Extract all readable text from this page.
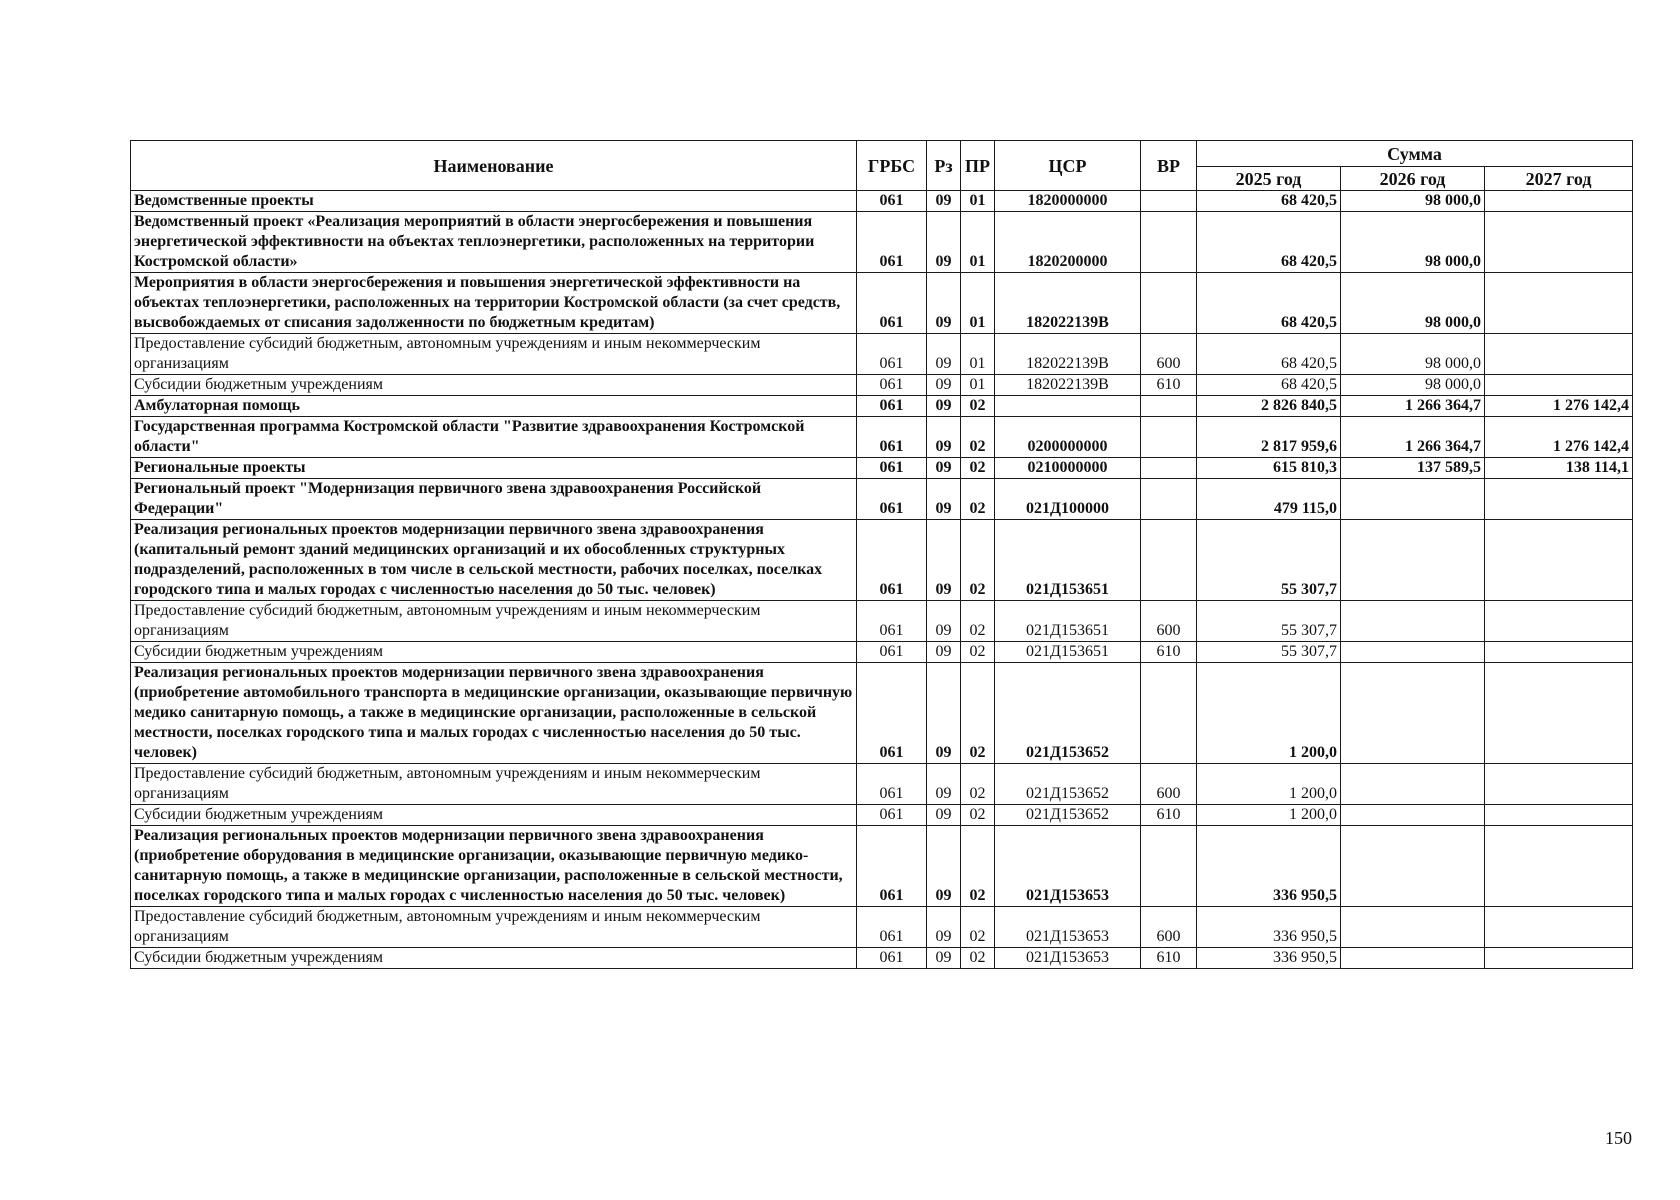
Наименование	ГРБС	Рз	ПР	ЦСР	ВР	Сумма		
						2025 год	2026 год	2027 год
Ведомственные проекты	061	09	01	1820000000		68 420,5	98 000,0	
Ведомственный проект «Реализация мероприятий в области энергосбережения и повышения энергетической эффективности на объектах теплоэнергетики, расположенных на территории Костромской области»	061	09	01	1820200000		68 420,5	98 000,0	
Мероприятия в области энергосбережения и повышения энергетической эффективности на объектах теплоэнергетики, расположенных на территории Костромской области (за счет средств, высвобождаемых от списания задолженности по бюджетным кредитам)	061	09	01	182022139В		68 420,5	98 000,0	
Предоставление субсидий бюджетным, автономным учреждениям и иным некоммерческим организациям	061	09	01	182022139В	600	68 420,5	98 000,0	
Субсидии бюджетным учреждениям	061	09	01	182022139В	610	68 420,5	98 000,0	
Амбулаторная помощь	061	09	02			2 826 840,5	1 266 364,7	1 276 142,4
Государственная программа Костромской области "Развитие здравоохранения Костромской области"	061	09	02	0200000000		2 817 959,6	1 266 364,7	1 276 142,4
Региональные проекты	061	09	02	0210000000		615 810,3	137 589,5	138 114,1
Региональный проект "Модернизация первичного звена здравоохранения Российской Федерации"	061	09	02	021Д100000		479 115,0		
Реализация региональных проектов модернизации первичного звена здравоохранения (капитальный ремонт зданий медицинских организаций и их обособленных структурных подразделений, расположенных в том числе в сельской местности, рабочих поселках, поселках городского типа и малых городах с численностью населения до 50 тыс. человек)	061	09	02	021Д153651		55 307,7		
Предоставление субсидий бюджетным, автономным учреждениям и иным некоммерческим организациям	061	09	02	021Д153651	600	55 307,7		
Субсидии бюджетным учреждениям	061	09	02	021Д153651	610	55 307,7		
Реализация региональных проектов модернизации первичного звена здравоохранения (приобретение автомобильного транспорта в медицинские организации, оказывающие первичную медико санитарную помощь, а также в медицинские организации, расположенные в сельской местности, поселках городского типа и малых городах с численностью населения до 50 тыс. человек)	061	09	02	021Д153652		1 200,0		
Предоставление субсидий бюджетным, автономным учреждениям и иным некоммерческим организациям	061	09	02	021Д153652	600	1 200,0		
Субсидии бюджетным учреждениям	061	09	02	021Д153652	610	1 200,0		
Реализация региональных проектов модернизации первичного звена здравоохранения (приобретение оборудования в медицинские организации, оказывающие первичную медико-санитарную помощь, а также в медицинские организации, расположенные в сельской местности, поселках городского типа и малых городах с численностью населения до 50 тыс. человек)	061	09	02	021Д153653		336 950,5		
Предоставление субсидий бюджетным, автономным учреждениям и иным некоммерческим организациям	061	09	02	021Д153653	600	336 950,5		
Субсидии бюджетным учреждениям	061	09	02	021Д153653	610	336 950,5		
150
